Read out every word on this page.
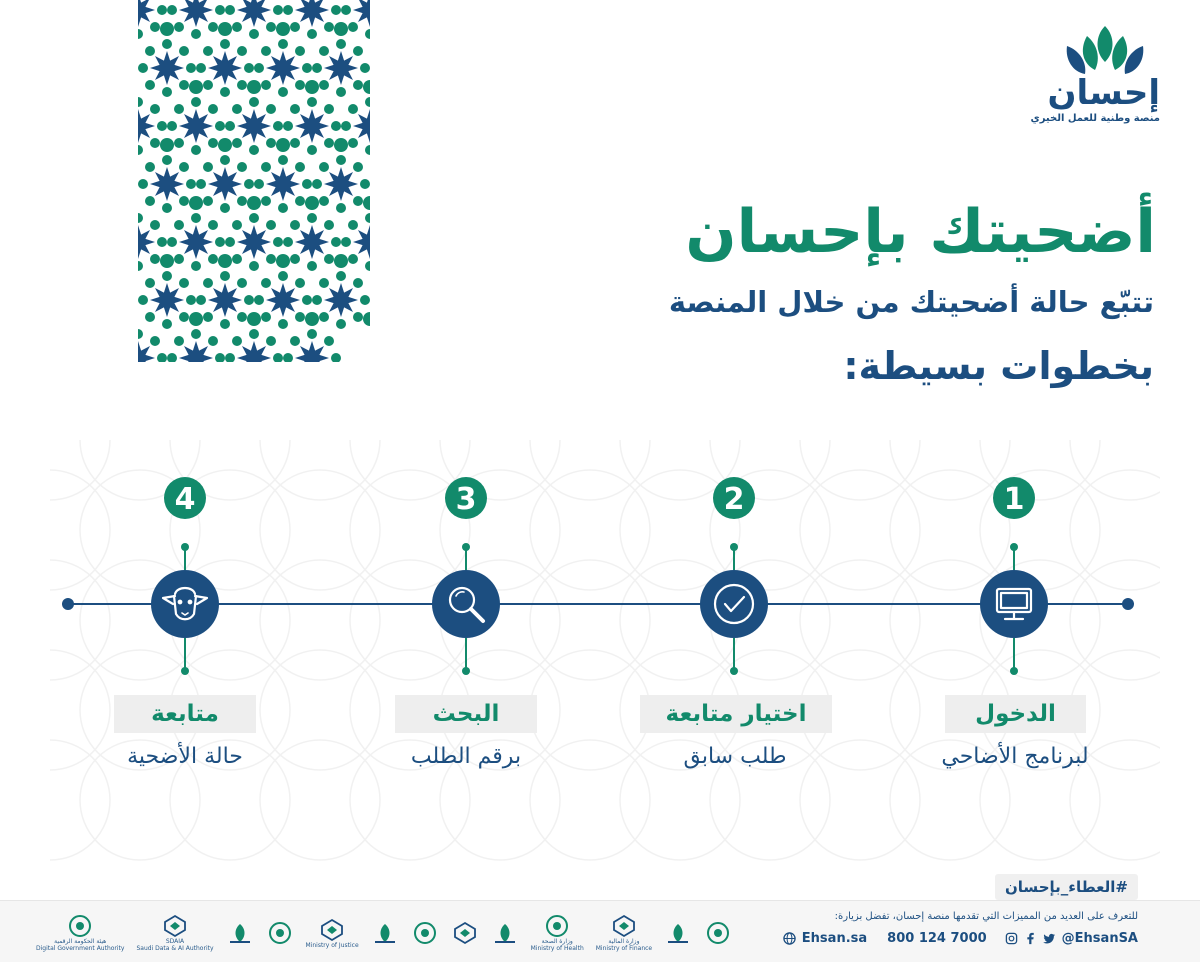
إحسان
منصة وطنية للعمل الخيري
أضحيتك بإحسان
تتبّع حالة أضحيتك من خلال المنصة
بخطوات بسيطة:
1
2
3
4
الدخول
لبرنامج الأضاحي
اختيار متابعة
طلب سابق
البحث
برقم الطلب
متابعة
حالة الأضحية
#العطاء_بإحسان
للتعرف على العديد من المميزات التي تقدمها منصة إحسان، تفضل بزيارة:
Ehsan.sa 800 124 7000	@EhsanSA
هيئة الحكومة الرقمية
Digital Government Authority
SDAIA
Saudi Data & AI Authority	Ministry of Justice	وزارة الصحة
Ministry of Health
وزارة المالية
Ministry of Finance
